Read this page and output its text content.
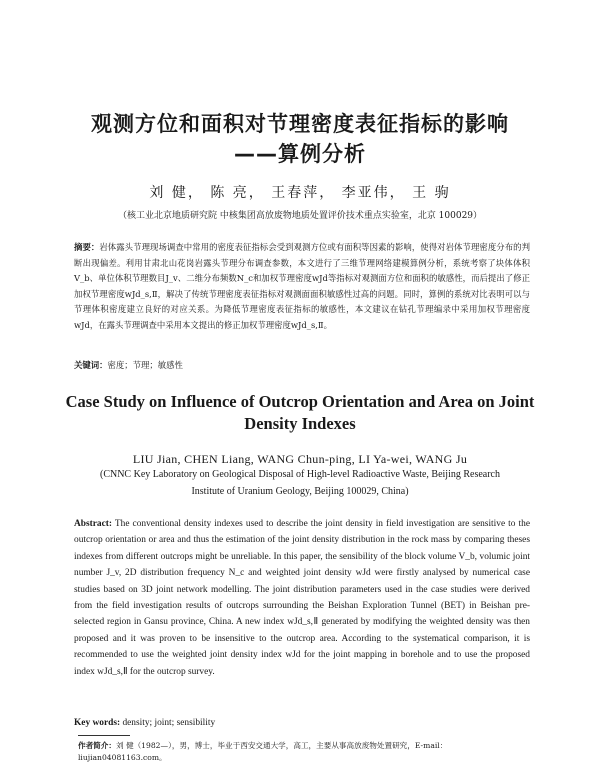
观测方位和面积对节理密度表征指标的影响
——算例分析
刘 健， 陈 亮， 王春萍， 李亚伟， 王 驹
（核工业北京地质研究院 中核集团高放废物地质处置评价技术重点实验室，北京 100029）
摘要：岩体露头节理现场调查中常用的密度表征指标会受到观测方位或有面积等因素的影响，使得对岩体节理密度分布的判断出现偏差。利用甘肃北山花岗岩露头节理分布调查参数，本文进行了三维节理网络建模算例分析，系统考察了块体体积V_b、单位体积节理数目J_v、二维分布频数N_c和加权节理密度wJd等指标对观测面方位和面积的敏感性，而后提出了修正加权节理密度wJd_s,Ⅱ，解决了传统节理密度表征指标对观测面面积敏感性过高的问题。同时，算例的系统对比表明可以与节理体积密度建立良好的对应关系。为降低节理密度表征指标的敏感性，本文建议在钻孔节理编录中采用加权节理密度wJd，在露头节理调查中采用本文提出的修正加权节理密度wJd_s,Ⅱ。
关键词：密度；节理；敏感性
Case Study on Influence of Outcrop Orientation and Area on Joint
Density Indexes
LIU Jian, CHEN Liang, WANG Chun-ping, LI Ya-wei, WANG Ju
(CNNC Key Laboratory on Geological Disposal of High-level Radioactive Waste, Beijing Research
Institute of Uranium Geology, Beijing 100029, China)
Abstract: The conventional density indexes used to describe the joint density in field investigation are sensitive to the outcrop orientation or area and thus the estimation of the joint density distribution in the rock mass by comparing theses indexes from different outcrops might be unreliable. In this paper, the sensibility of the block volume V_b, volumic joint number J_v, 2D distribution frequency N_c and weighted joint density wJd were firstly analysed by numerical case studies based on 3D joint network modelling. The joint distribution parameters used in the case studies were derived from the field investigation results of outcrops surrounding the Beishan Exploration Tunnel (BET) in Beishan pre-selected region in Gansu province, China. A new index wJd_s,Ⅱ generated by modifying the weighted density was then proposed and it was proven to be insensitive to the outcrop area. According to the systematical comparison, it is recommended to use the weighted joint density index wJd for the joint mapping in borehole and to use the proposed index wJd_s,Ⅱ for the outcrop survey.
Key words: density; joint; sensibility
作者简介：刘 健（1982—），男，博士，毕业于西安交通大学，高工，主要从事高放废物处置研究，E-mail：liujian04081163.com。
